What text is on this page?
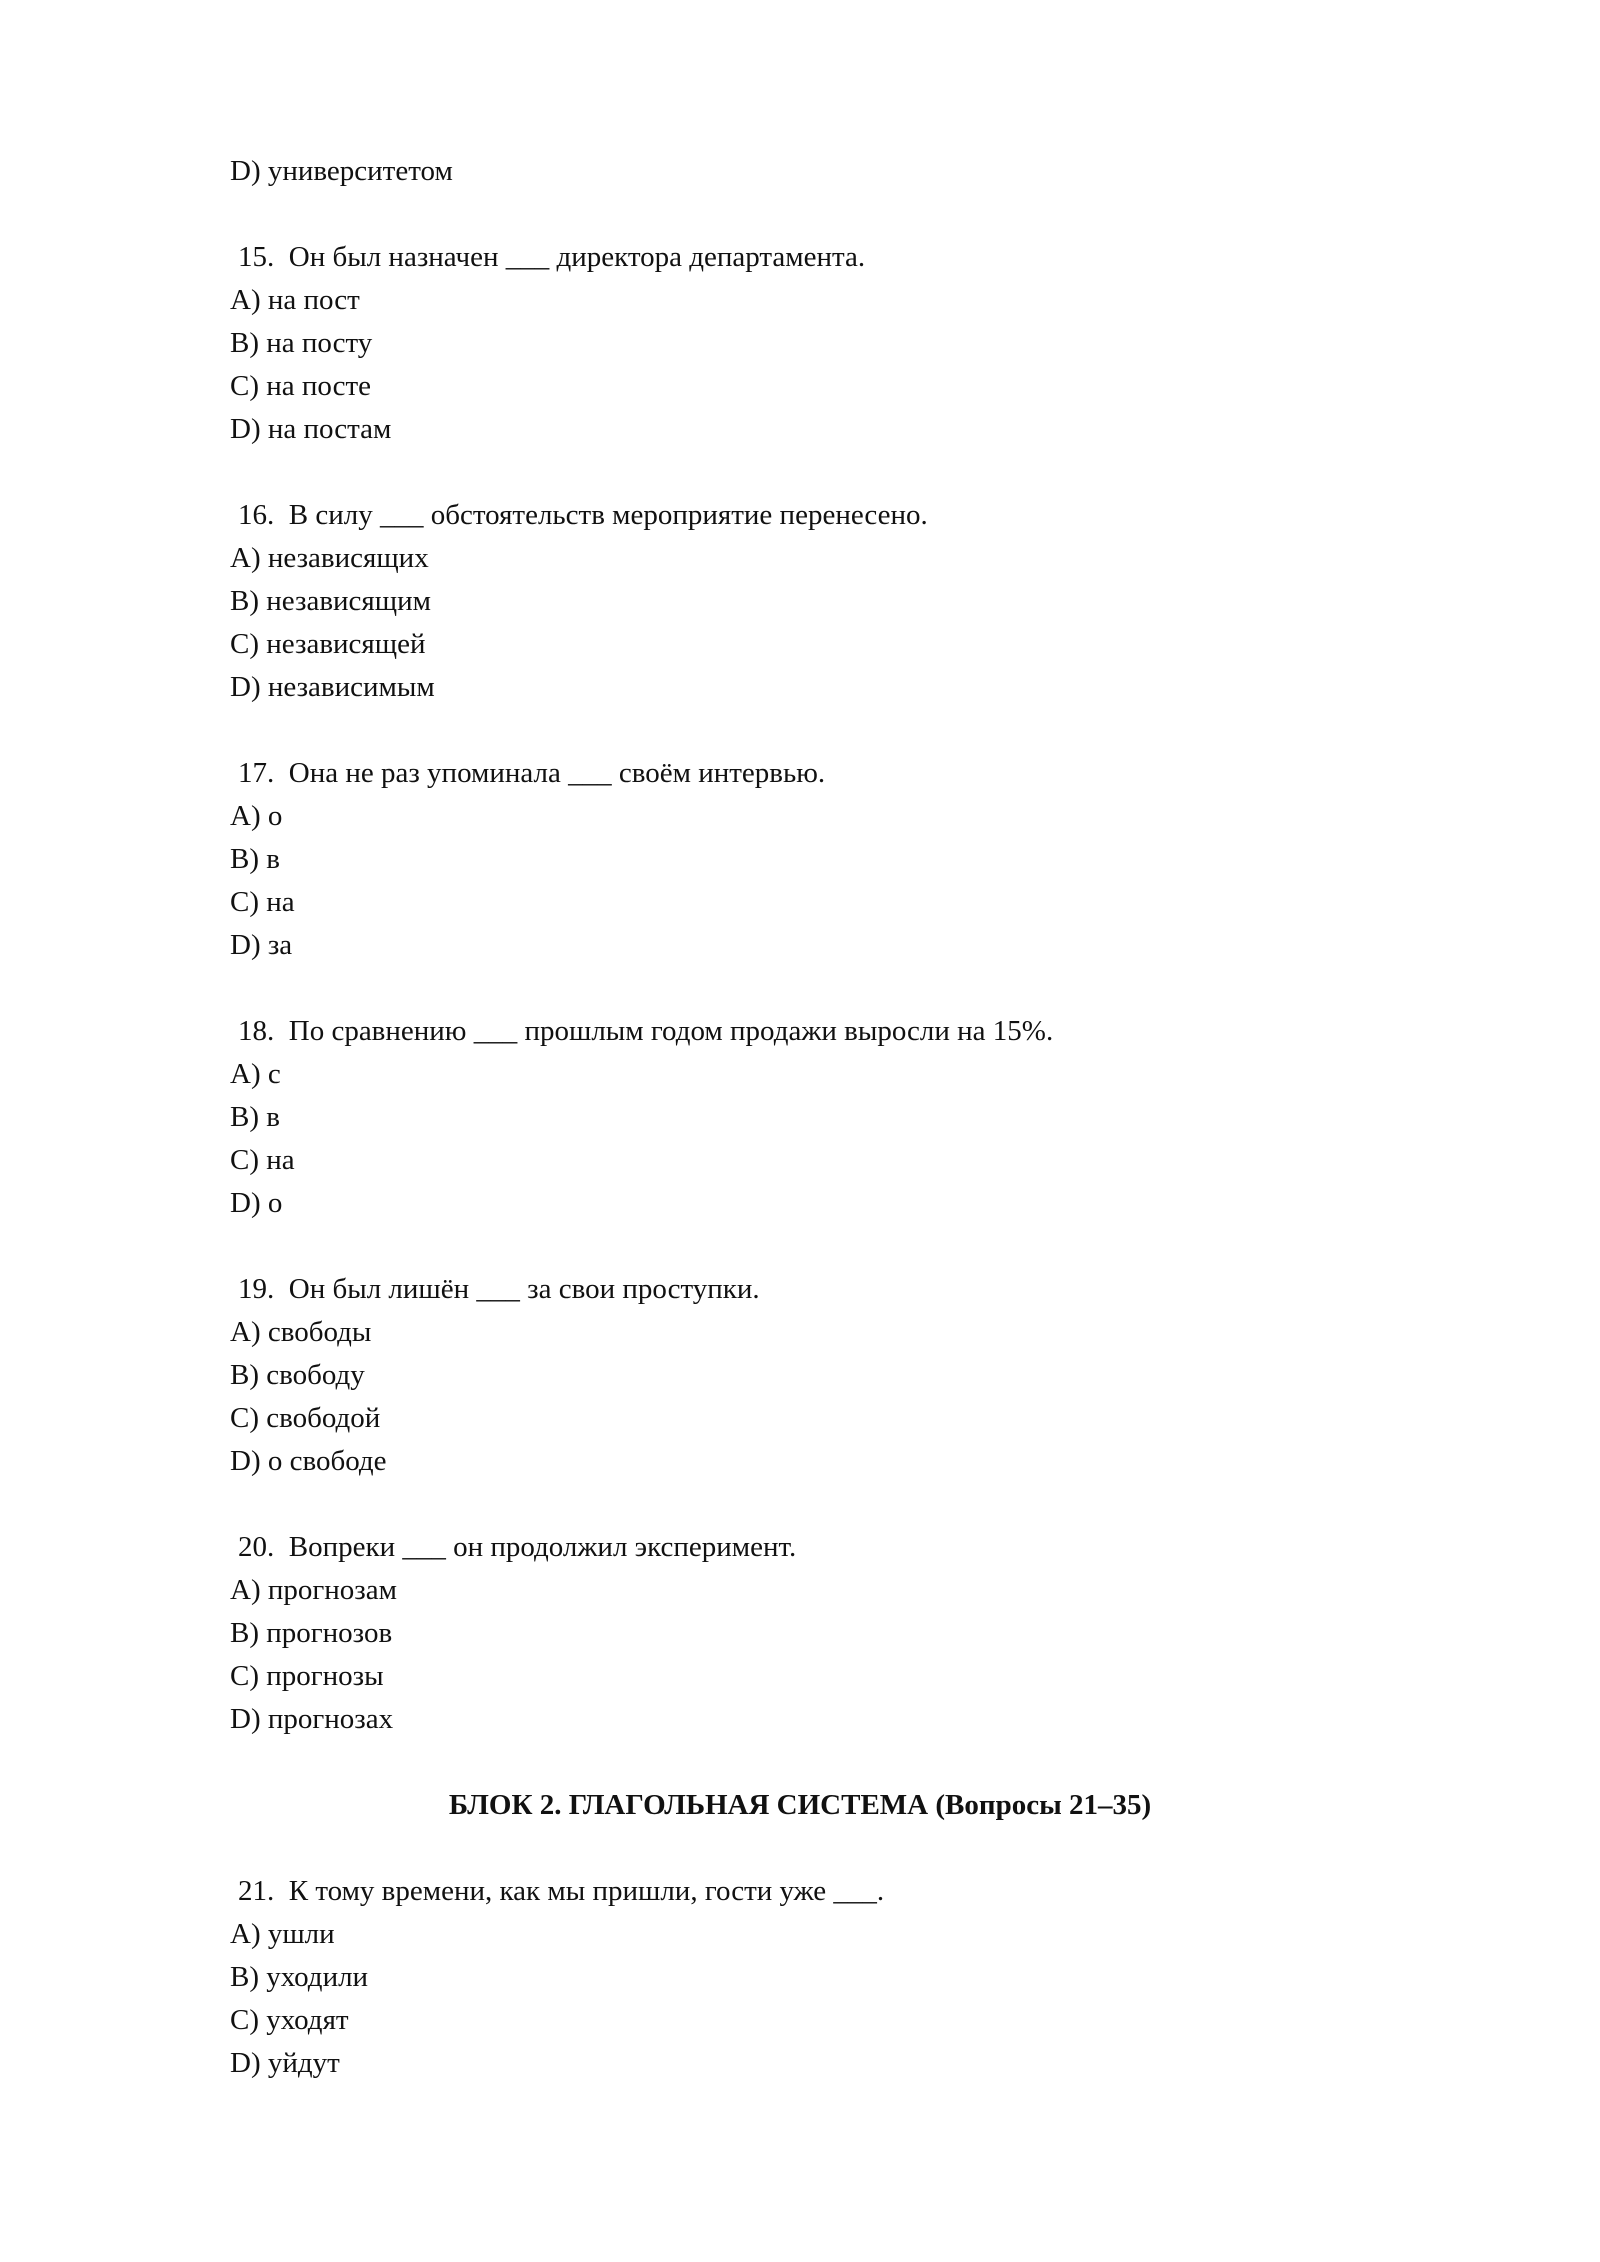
D) университетом
15. Он был назначен ___ директора департамента.
A) на пост
B) на посту
C) на посте
D) на постам
16. В силу ___ обстоятельств мероприятие перенесено.
A) независящих
B) независящим
C) независящей
D) независимым
17. Она не раз упоминала ___ своём интервью.
A) о
B) в
C) на
D) за
18. По сравнению ___ прошлым годом продажи выросли на 15%.
A) с
B) в
C) на
D) о
19. Он был лишён ___ за свои проступки.
A) свободы
B) свободу
C) свободой
D) о свободе
20. Вопреки ___ он продолжил эксперимент.
A) прогнозам
B) прогнозов
C) прогнозы
D) прогнозах
БЛОК 2. ГЛАГОЛЬНАЯ СИСТЕМА (Вопросы 21–35)
21. К тому времени, как мы пришли, гости уже ___.
A) ушли
B) уходили
C) уходят
D) уйдут
